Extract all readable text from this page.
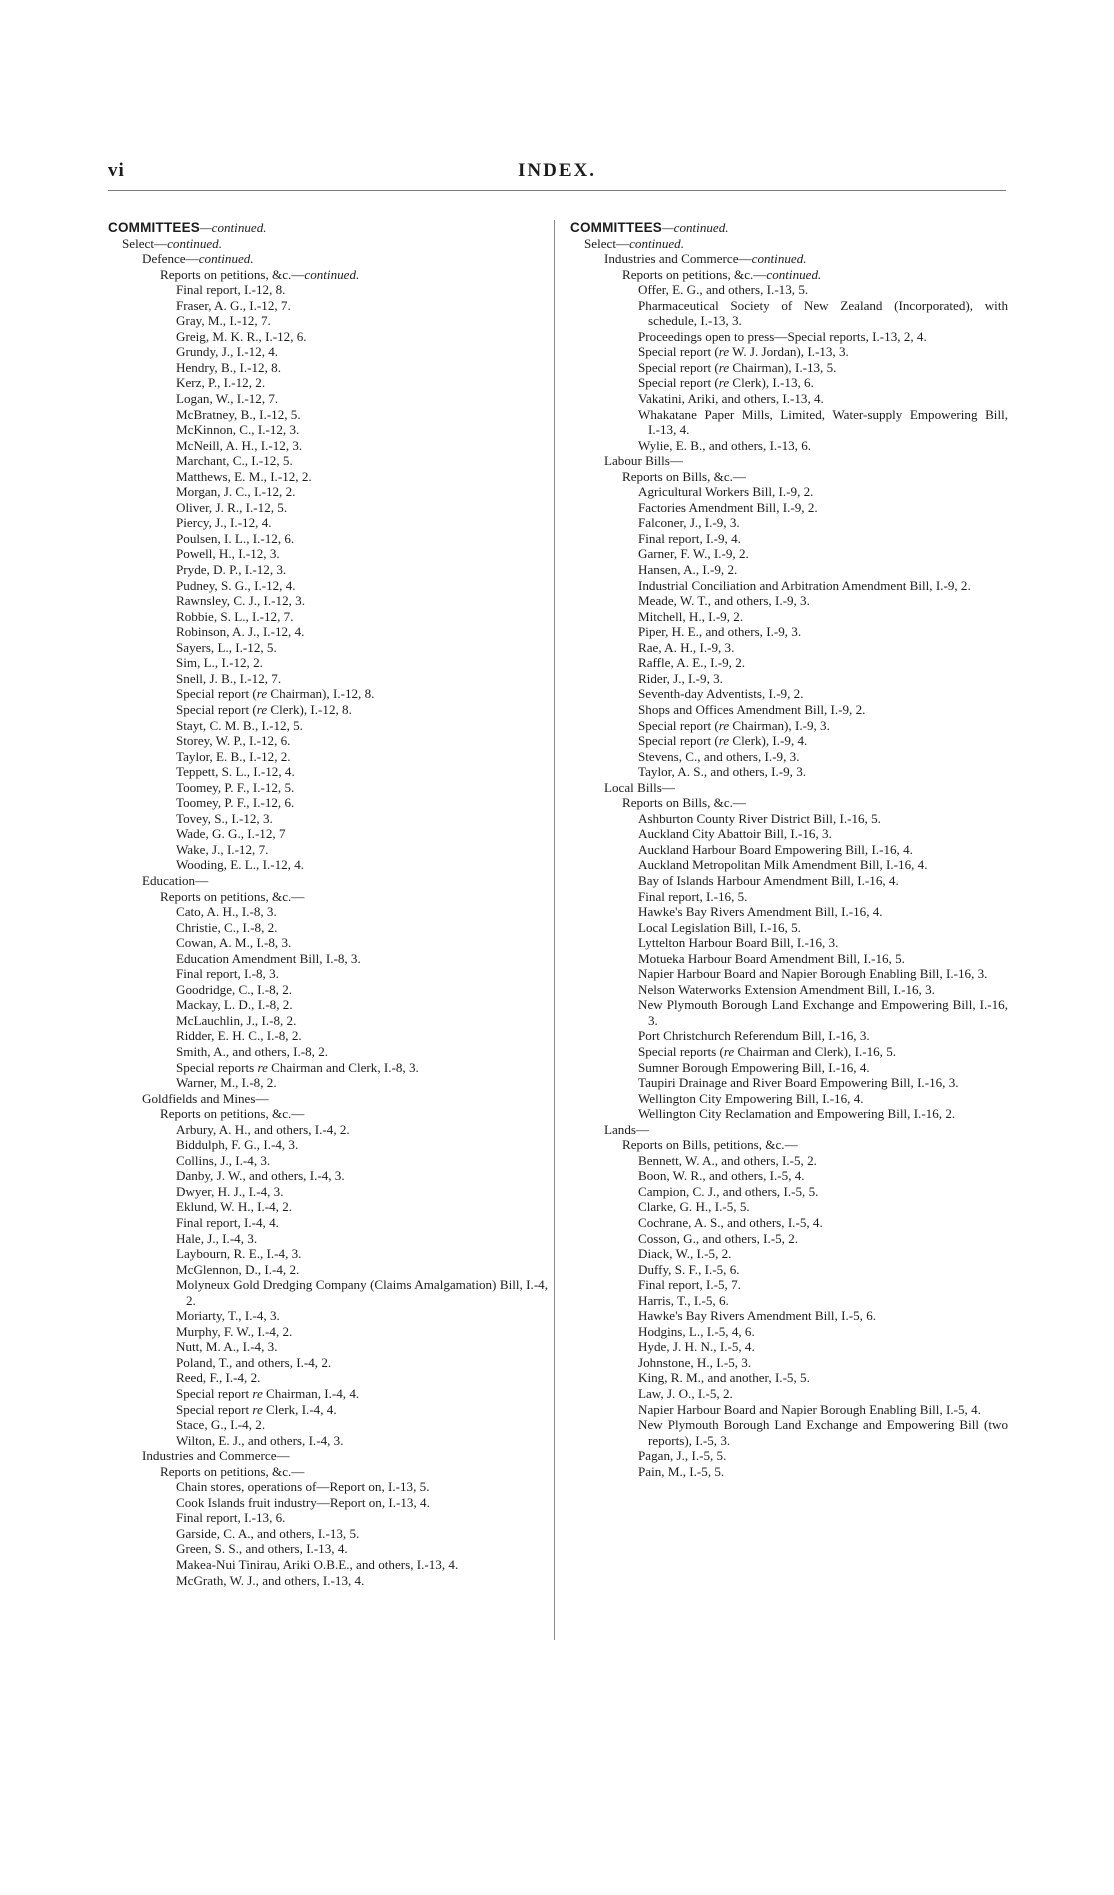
vi	INDEX.
COMMITTEES—continued.
Select—continued.
Defence—continued.
Reports on petitions, &c.—continued.
Final report, I.-12, 8.
Fraser, A. G., I.-12, 7.
Gray, M., I.-12, 7.
Greig, M. K. R., I.-12, 6.
Grundy, J., I.-12, 4.
Hendry, B., I.-12, 8.
Kerz, P., I.-12, 2.
Logan, W., I.-12, 7.
McBratney, B., I.-12, 5.
McKinnon, C., I.-12, 3.
McNeill, A. H., I.-12, 3.
Marchant, C., I.-12, 5.
Matthews, E. M., I.-12, 2.
Morgan, J. C., I.-12, 2.
Oliver, J. R., I.-12, 5.
Piercy, J., I.-12, 4.
Poulsen, I. L., I.-12, 6.
Powell, H., I.-12, 3.
Pryde, D. P., I.-12, 3.
Pudney, S. G., I.-12, 4.
Rawnsley, C. J., I.-12, 3.
Robbie, S. L., I.-12, 7.
Robinson, A. J., I.-12, 4.
Sayers, L., I.-12, 5.
Sim, L., I.-12, 2.
Snell, J. B., I.-12, 7.
Special report (re Chairman), I.-12, 8.
Special report (re Clerk), I.-12, 8.
Stayt, C. M. B., I.-12, 5.
Storey, W. P., I.-12, 6.
Taylor, E. B., I.-12, 2.
Teppett, S. L., I.-12, 4.
Toomey, P. F., I.-12, 5.
Toomey, P. F., I.-12, 6.
Tovey, S., I.-12, 3.
Wade, G. G., I.-12, 7
Wake, J., I.-12, 7.
Wooding, E. L., I.-12, 4.
Education—
Reports on petitions, &c.—
Cato, A. H., I.-8, 3.
Christie, C., I.-8, 2.
Cowan, A. M., I.-8, 3.
Education Amendment Bill, I.-8, 3.
Final report, I.-8, 3.
Goodridge, C., I.-8, 2.
Mackay, L. D., I.-8, 2.
McLauchlin, J., I.-8, 2.
Ridder, E. H. C., I.-8, 2.
Smith, A., and others, I.-8, 2.
Special reports re Chairman and Clerk, I.-8, 3.
Warner, M., I.-8, 2.
Goldfields and Mines—
Reports on petitions, &c.—
Arbury, A. H., and others, I.-4, 2.
Biddulph, F. G., I.-4, 3.
Collins, J., I.-4, 3.
Danby, J. W., and others, I.-4, 3.
Dwyer, H. J., I.-4, 3.
Eklund, W. H., I.-4, 2.
Final report, I.-4, 4.
Hale, J., I.-4, 3.
Laybourn, R. E., I.-4, 3.
McGlennon, D., I.-4, 2.
Molyneux Gold Dredging Company (Claims Amalgamation) Bill, I.-4, 2.
Moriarty, T., I.-4, 3.
Murphy, F. W., I.-4, 2.
Nutt, M. A., I.-4, 3.
Poland, T., and others, I.-4, 2.
Reed, F., I.-4, 2.
Special report re Chairman, I.-4, 4.
Special report re Clerk, I.-4, 4.
Stace, G., I.-4, 2.
Wilton, E. J., and others, I.-4, 3.
Industries and Commerce—
Reports on petitions, &c.—
Chain stores, operations of—Report on, I.-13, 5.
Cook Islands fruit industry—Report on, I.-13, 4.
Final report, I.-13, 6.
Garside, C. A., and others, I.-13, 5.
Green, S. S., and others, I.-13, 4.
Makea-Nui Tinirau, Ariki O.B.E., and others, I.-13, 4.
McGrath, W. J., and others, I.-13, 4.
COMMITTEES—continued.
Select—continued.
Industries and Commerce—continued.
Reports on petitions, &c.—continued.
Offer, E. G., and others, I.-13, 5.
Pharmaceutical Society of New Zealand (Incorporated), with schedule, I.-13, 3.
Proceedings open to press—Special reports, I.-13, 2, 4.
Special report (re W. J. Jordan), I.-13, 3.
Special report (re Chairman), I.-13, 5.
Special report (re Clerk), I.-13, 6.
Vakatini, Ariki, and others, I.-13, 4.
Whakatane Paper Mills, Limited, Water-supply Empowering Bill, I.-13, 4.
Wylie, E. B., and others, I.-13, 6.
Labour Bills—
Reports on Bills, &c.—
Agricultural Workers Bill, I.-9, 2.
Factories Amendment Bill, I.-9, 2.
Falconer, J., I.-9, 3.
Final report, I.-9, 4.
Garner, F. W., I.-9, 2.
Hansen, A., I.-9, 2.
Industrial Conciliation and Arbitration Amendment Bill, I.-9, 2.
Meade, W. T., and others, I.-9, 3.
Mitchell, H., I.-9, 2.
Piper, H. E., and others, I.-9, 3.
Rae, A. H., I.-9, 3.
Raffle, A. E., I.-9, 2.
Rider, J., I.-9, 3.
Seventh-day Adventists, I.-9, 2.
Shops and Offices Amendment Bill, I.-9, 2.
Special report (re Chairman), I.-9, 3.
Special report (re Clerk), I.-9, 4.
Stevens, C., and others, I.-9, 3.
Taylor, A. S., and others, I.-9, 3.
Local Bills—
Reports on Bills, &c.—
Ashburton County River District Bill, I.-16, 5.
Auckland City Abattoir Bill, I.-16, 3.
Auckland Harbour Board Empowering Bill, I.-16, 4.
Auckland Metropolitan Milk Amendment Bill, I.-16, 4.
Bay of Islands Harbour Amendment Bill, I.-16, 4.
Final report, I.-16, 5.
Hawke's Bay Rivers Amendment Bill, I.-16, 4.
Local Legislation Bill, I.-16, 5.
Lyttelton Harbour Board Bill, I.-16, 3.
Motueka Harbour Board Amendment Bill, I.-16, 5.
Napier Harbour Board and Napier Borough Enabling Bill, I.-16, 3.
Nelson Waterworks Extension Amendment Bill, I.-16, 3.
New Plymouth Borough Land Exchange and Empowering Bill, I.-16, 3.
Port Christchurch Referendum Bill, I.-16, 3.
Special reports (re Chairman and Clerk), I.-16, 5.
Sumner Borough Empowering Bill, I.-16, 4.
Taupiri Drainage and River Board Empowering Bill, I.-16, 3.
Wellington City Empowering Bill, I.-16, 4.
Wellington City Reclamation and Empowering Bill, I.-16, 2.
Lands—
Reports on Bills, petitions, &c.—
Bennett, W. A., and others, I.-5, 2.
Boon, W. R., and others, I.-5, 4.
Campion, C. J., and others, I.-5, 5.
Clarke, G. H., I.-5, 5.
Cochrane, A. S., and others, I.-5, 4.
Cosson, G., and others, I.-5, 2.
Diack, W., I.-5, 2.
Duffy, S. F., I.-5, 6.
Final report, I.-5, 7.
Harris, T., I.-5, 6.
Hawke's Bay Rivers Amendment Bill, I.-5, 6.
Hodgins, L., I.-5, 4, 6.
Hyde, J. H. N., I.-5, 4.
Johnstone, H., I.-5, 3.
King, R. M., and another, I.-5, 5.
Law, J. O., I.-5, 2.
Napier Harbour Board and Napier Borough Enabling Bill, I.-5, 4.
New Plymouth Borough Land Exchange and Empowering Bill (two reports), I.-5, 3.
Pagan, J., I.-5, 5.
Pain, M., I.-5, 5.
